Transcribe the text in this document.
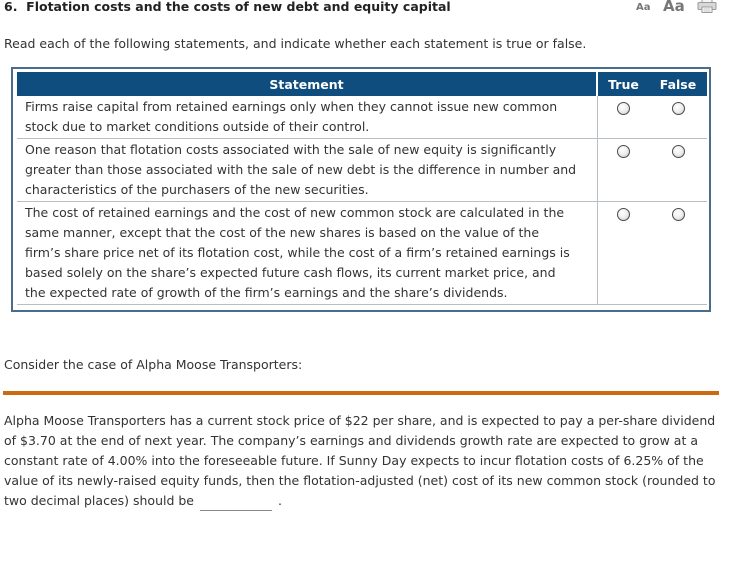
6. Flotation costs and the costs of new debt and equity capital	Aa Aa
Read each of the following statements, and indicate whether each statement is true or false.
Statement	True	False
Firms raise capital from retained earnings only when they cannot issue new common stock due to market conditions outside of their control.		
One reason that flotation costs associated with the sale of new equity is significantly greater than those associated with the sale of new debt is the difference in number and characteristics of the purchasers of the new securities.		
The cost of retained earnings and the cost of new common stock are calculated in the same manner, except that the cost of the new shares is based on the value of the firm’s share price net of its flotation cost, while the cost of a firm’s retained earnings is based solely on the share’s expected future cash flows, its current market price, and the expected rate of growth of the firm’s earnings and the share’s dividends.		
Consider the case of Alpha Moose Transporters:
Alpha Moose Transporters has a current stock price of $22 per share, and is expected to pay a per-share dividend of $3.70 at the end of next year. The company’s earnings and dividends growth rate are expected to grow at a constant rate of 4.00% into the foreseeable future. If Sunny Day expects to incur flotation costs of 6.25% of the value of its newly-raised equity funds, then the flotation-adjusted (net) cost of its new common stock (rounded to two decimal places) should be	.
